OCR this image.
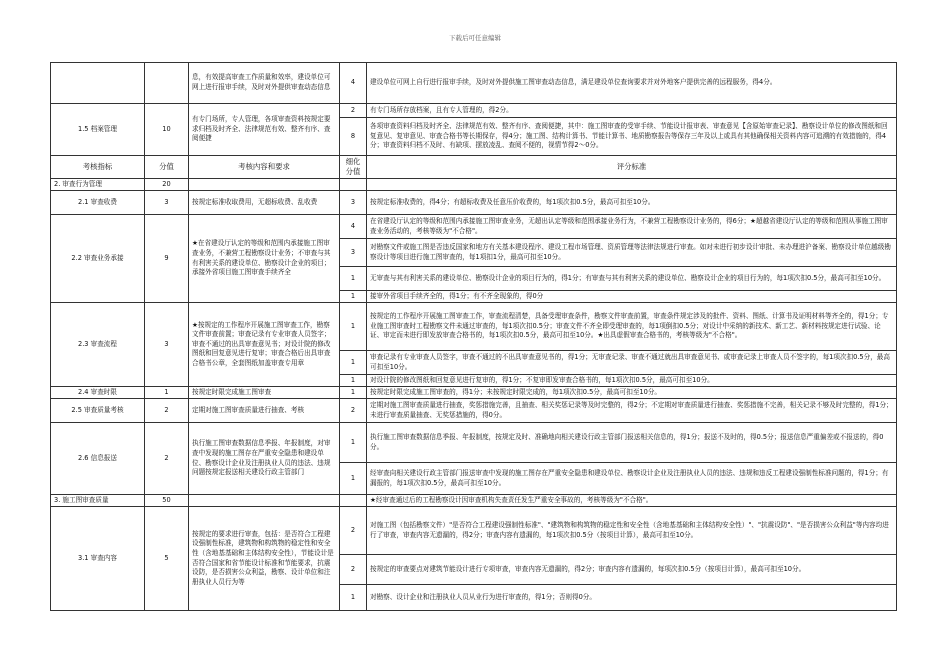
下载后可任意编辑
		息，有效提高审查工作质量和效率，建设单位可网上进行报审手续，及时对外提供审查动态信息	4	建设单位可网上自行进行报审手续，及时对外提供施工图审查动态信息，满足建设单位查询要求并对外地客户提供完善的远程服务，得4分。
1.5 档案管理	10	有专门场所，专人管理，各项审查资料按规定要求归档及时齐全、法律规范有效、整齐有序、查阅便捷	2	有专门场所存放档案，且有专人管理的，得2分。
			8	各项审查资料归档及时齐全、法律规范有效、整齐有序、查阅便捷，其中：施工图审查的受审手续、节能设计报审表、审查意见【含原始审查记录】、勘察设计单位的修改图纸和回复意见、复审意见、审查合格书等长期保存，得4分；施工图、结构计算书、节能计算书、地质勘察报告等保存三年及以上或具有其他确保相关资料内容可追溯的有效措施的，得4分；审查资料归档不及时、有缺项、摆放凌乱、查阅不便的，视情节得2～0分。
考核指标	分值	考核内容和要求	细化分值	评分标准
2. 审查行为管理	20			
2.1 审查收费	3	按规定标准收取费用，无超标收费、乱收费	3	按规定标准收费的，得4分；有超标收费及任意压价收费的，每1项次扣0.5分，最高可扣至10分。
2.2 审查业务承接	9	★在省建设厅认定的等级和范围内承接施工图审查业务，不兼营工程勘察设计业务；不审查与其有利害关系的建设单位、勘察设计企业的项目；承接外省项目施工图审查手续齐全	4	在省建设厅认定的等级和范围内承接施工图审查业务，无超出认定等级和范围承接业务行为，不兼营工程勘察设计业务的，得6分；★超越省建设厅认定的等级和范围从事施工图审查业务活动的，考核等级为"不合格"。
			3	对勘察文件或施工图是否违反国家和地方有关基本建设程序、建设工程市场管理、资质管理等法律法规进行审查。如对未进行初步设计审批、未办理进沪备案、勘察设计单位越级勘察设计等项目进行施工图审查的，每1项扣1分，最高可扣至10分。
			1	无审查与其有利害关系的建设单位、勘察设计企业的项目行为的，得1分；有审查与其有利害关系的建设单位、勘察设计企业的项目行为的，每1项次扣0.5分，最高可扣至10分。
			1	接审外省项目手续齐全的，得1分；有不齐全现象的，得0分
2.3 审查流程	3	★按规定的工作程序开展施工图审查工作，勘察文件审查前置；审查记录有专业审查人员签字；审查不通过的出具审查意见书；对设计院的修改图纸和回复意见进行复审；审查合格后出具审查合格书公章，全套图纸加盖审查专用章	1	按规定的工作程序开展施工图审查工作，审查流程清楚，具备受理审查条件，勘察文件审查前置，审查条件规定涉及的批件、资料、图纸、计算书及证明材料等齐全的，得1分；专业施工图审查时工程勘察文件未通过审查的，每1项次扣0.5分；审查文件不齐全即受理审查的，每1项倒扣0.5分；对设计中采纳的新技术、新工艺、新材料按规定进行试验、论证、审定而未进行即发放审查合格书的，每1项次扣0.5分，最高可扣至10分。★出具虚假审查合格书的，考核等级为"不合格"。
			1	审查记录有专业审查人员签字，审查不通过的不出具审查意见书的，得1分；无审查记录、审查不通过就出具审查意见书、或审查记录上审查人员不签字的，每1项次扣0.5分，最高可扣至10分。
			1	对设计院的修改图纸和回复意见进行复审的，得1分；不复审即发审查合格书的，每1项次扣0.5分，最高可扣至10分。
2.4 审查时限	1	按规定时限完成施工图审查	1	按规定时限完成施工图审查的，得1分；未按规定时限完成的，每1项次扣0.5分，最高可扣至10分。
2.5 审查质量考核	2	定期对施工图审查质量进行抽查、考核	2	定期对施工图审查质量进行抽查，奖惩措施完善，且抽查、相关奖惩记录等及时完整的，得2分；不定期对审查质量进行抽查、奖惩措施不完善，相关记录不够及时完整的，得1分；未进行审查质量抽查、无奖惩措施的，得0分。
2.6 信息报送	2	执行施工图审查数据信息季报、年报制度，对审查中发现的施工图存在严重安全隐患和建设单位、勘察设计企业及注册执业人员的违法、违规问题按规定报送相关建设行政主管部门	1	执行施工图审查数据信息季报、年报制度，按规定及时、准确地向相关建设行政主管部门报送相关信息的，得1分；报送不及时的，得0.5分；报送信息严重偏差或不报送的，得0分。
			1	经审查向相关建设行政主管部门报送审查中发现的施工图存在严重安全隐患和建设单位、勘察设计企业及注册执业人员的违法、违规和违反工程建设强制性标准问题的，得1分；有漏报的，每1项次扣0.5分，最高可扣至10分。
3. 施工图审查质量	50			★经审查通过后的工程勘察设计因审查机构失查责任发生严重安全事故的，考核等级为"不合格"。
3.1 审查内容	5	按规定的要求进行审查，包括：是否符合工程建设强制性标准，建筑物和构筑物的稳定性和安全性（含地基基础和主体结构安全性），节能设计是否符合国家和省节能设计标准和节能要求，抗震设防，是否损害公众利益，勘察、设计单位和注册执业人员行为等	2	对施工图（包括勘察文件）"是否符合工程建设强制性标准"、"建筑物和构筑物的稳定性和安全性（含地基基础和主体结构安全性）"、"抗震设防"、"是否损害公众利益"等内容均进行了审查，审查内容无遗漏的，得2分；审查内容有遗漏的，每1项次扣0.5分（按项目计算），最高可扣至10分。
			2	按规定的审查要点对建筑节能设计进行专项审查，审查内容无遗漏的，得2分；审查内容有遗漏的，每项次扣0.5分（按项目计算），最高可扣至10分。
			1	对勘察、设计企业和注册执业人员从业行为进行审查的，得1分；否则得0分。
